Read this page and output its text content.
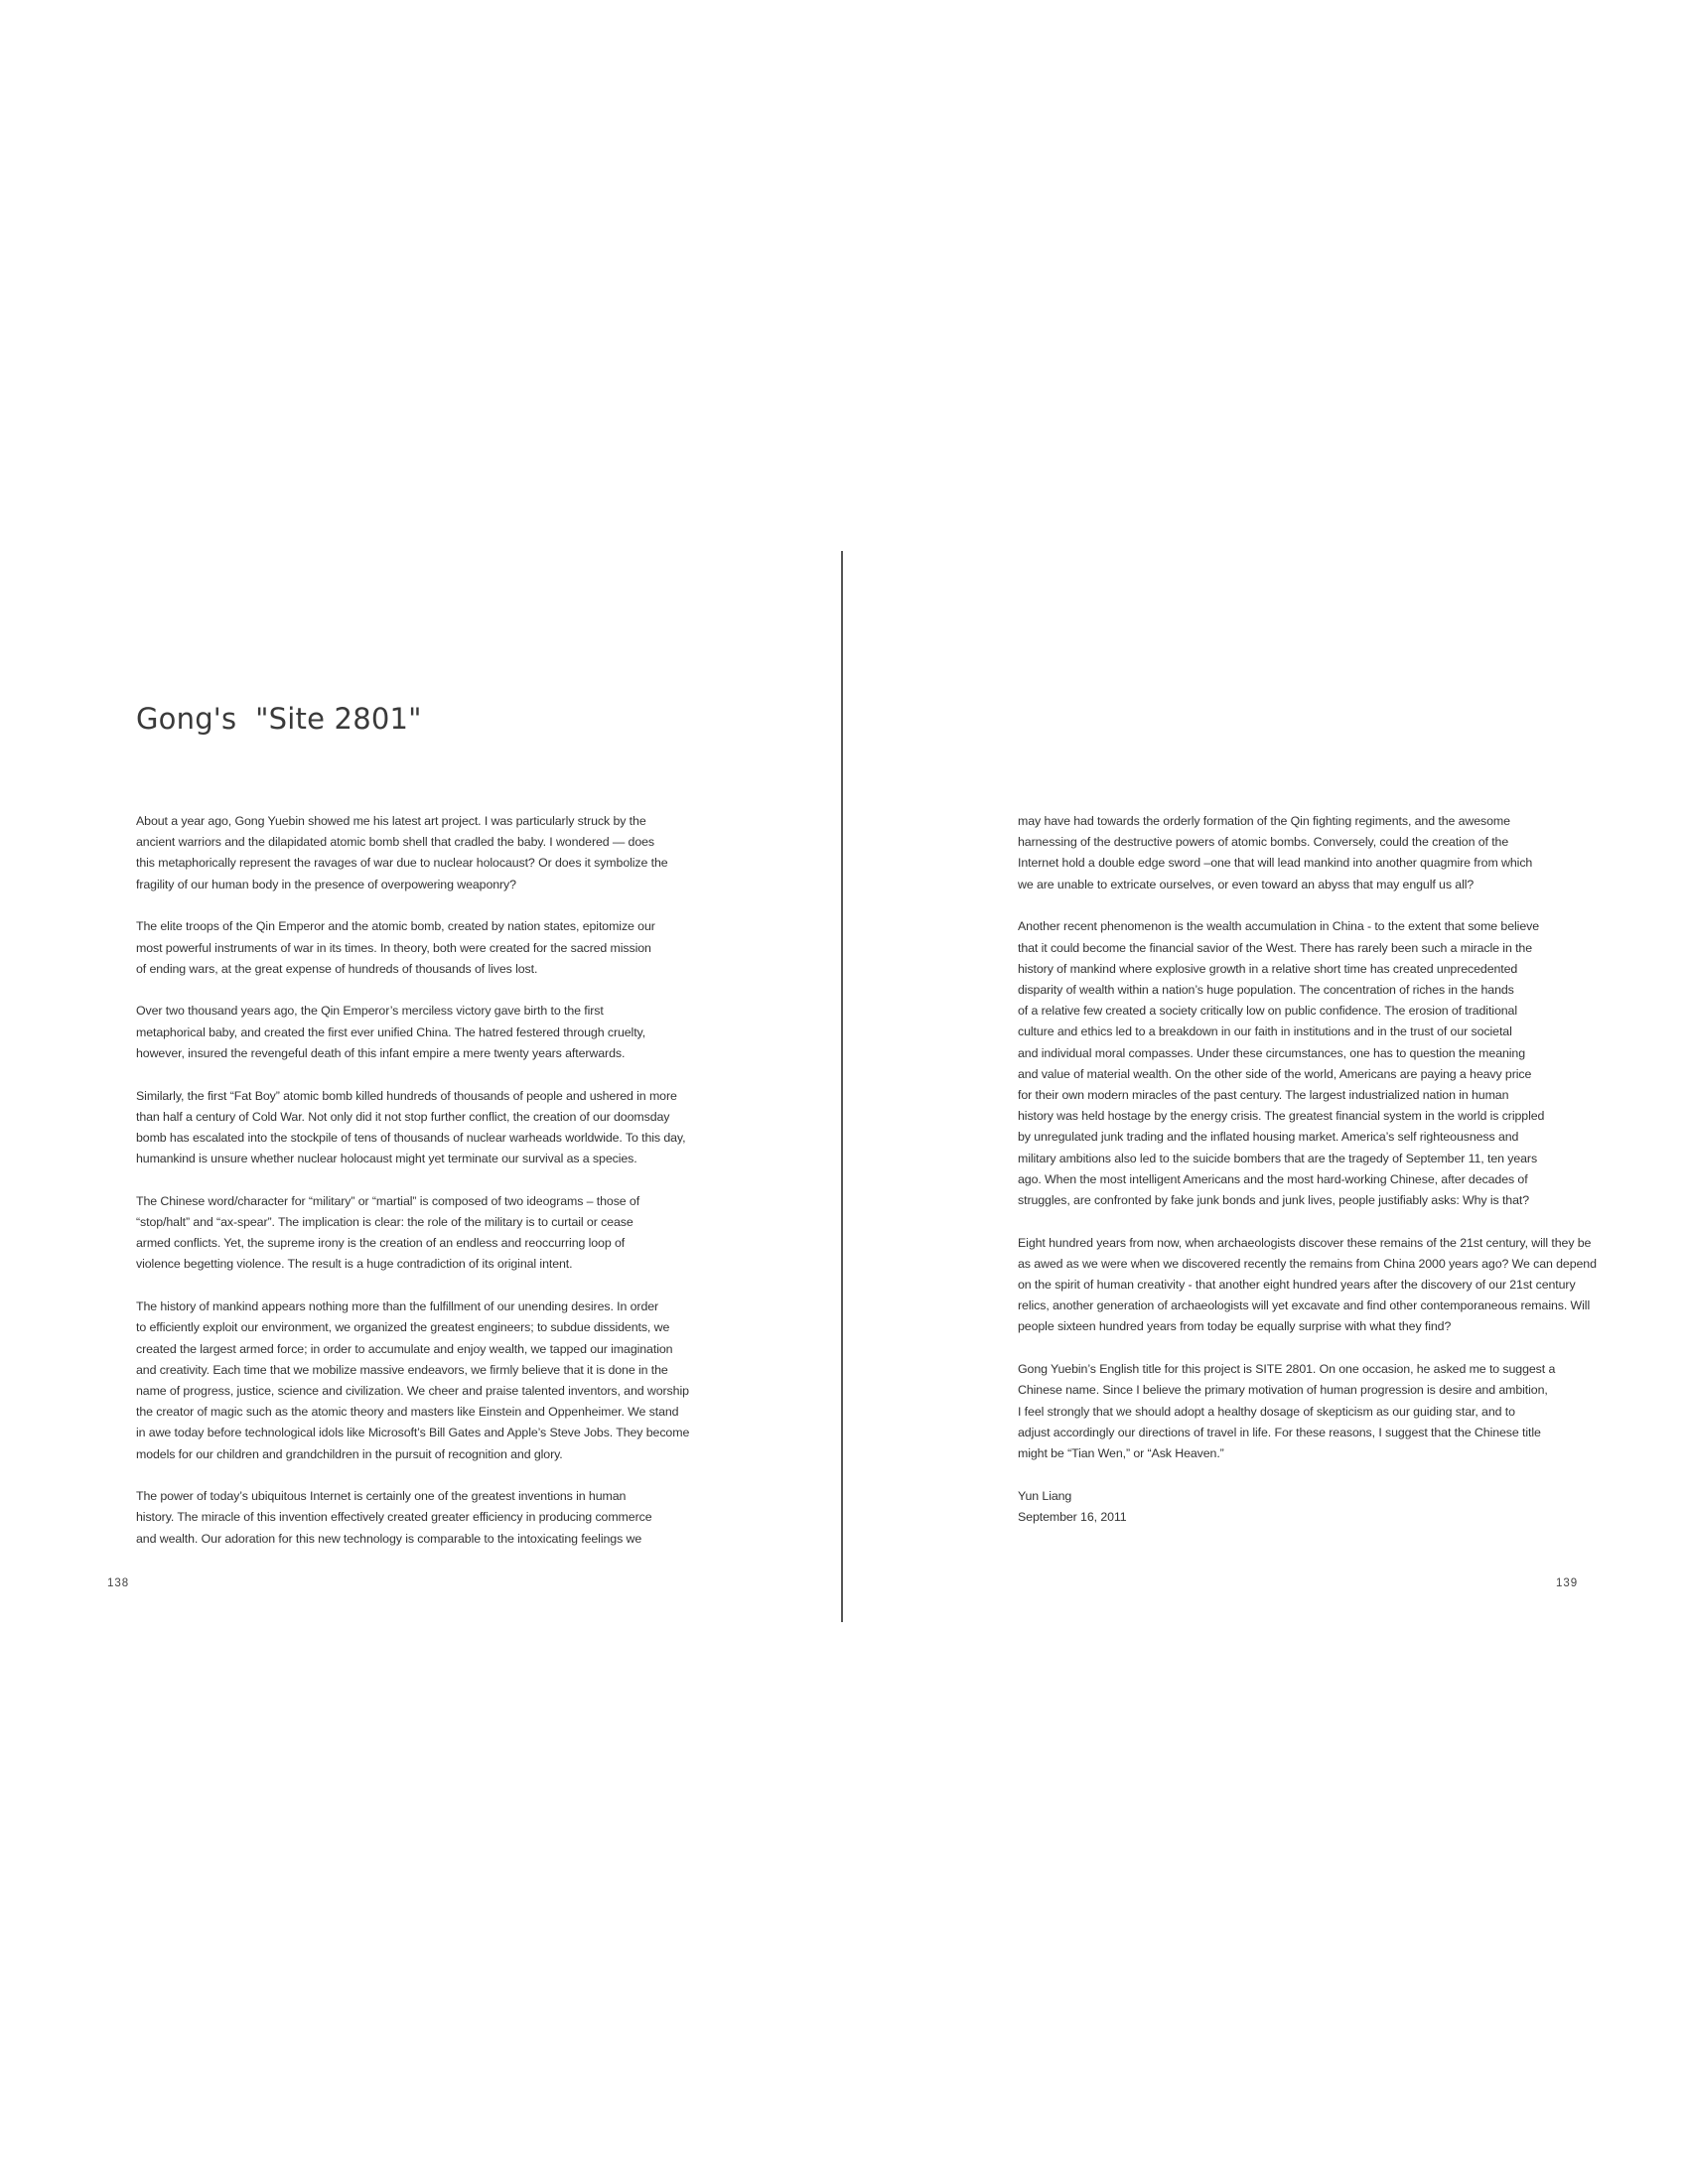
Gong's  "Site 2801"
About a year ago, Gong Yuebin showed me his latest art project. I was particularly struck by the
ancient warriors and the dilapidated atomic bomb shell that cradled the baby. I wondered — does
this metaphorically represent the ravages of war due to nuclear holocaust? Or does it symbolize the
fragility of our human body in the presence of overpowering weaponry?
The elite troops of the Qin Emperor and the atomic bomb, created by nation states, epitomize our
most powerful instruments of war in its times. In theory, both were created for the sacred mission
of ending wars, at the great expense of hundreds of thousands of lives lost.
Over two thousand years ago, the Qin Emperor’s merciless victory gave birth to the first
metaphorical baby, and created the first ever unified China. The hatred festered through cruelty,
however, insured the revengeful death of this infant empire a mere twenty years afterwards.
Similarly, the first “Fat Boy” atomic bomb killed hundreds of thousands of people and ushered in more
than half a century of Cold War. Not only did it not stop further conflict, the creation of our doomsday
bomb has escalated into the stockpile of tens of thousands of nuclear warheads worldwide. To this day,
humankind is unsure whether nuclear holocaust might yet terminate our survival as a species.
The Chinese word/character for “military” or “martial” is composed of two ideograms – those of
“stop/halt” and “ax-spear”. The implication is clear: the role of the military is to curtail or cease
armed conflicts. Yet, the supreme irony is the creation of an endless and reoccurring loop of
violence begetting violence. The result is a huge contradiction of its original intent.
The history of mankind appears nothing more than the fulfillment of our unending desires. In order
to efficiently exploit our environment, we organized the greatest engineers; to subdue dissidents, we
created the largest armed force; in order to accumulate and enjoy wealth, we tapped our imagination
and creativity. Each time that we mobilize massive endeavors, we firmly believe that it is done in the
name of progress, justice, science and civilization. We cheer and praise talented inventors, and worship
the creator of magic such as the atomic theory and masters like Einstein and Oppenheimer. We stand
in awe today before technological idols like Microsoft’s Bill Gates and Apple’s Steve Jobs. They become
models for our children and grandchildren in the pursuit of recognition and glory.
The power of today’s ubiquitous Internet is certainly one of the greatest inventions in human
history. The miracle of this invention effectively created greater efficiency in producing commerce
and wealth. Our adoration for this new technology is comparable to the intoxicating feelings we
may have had towards the orderly formation of the Qin fighting regiments, and the awesome
harnessing of the destructive powers of atomic bombs. Conversely, could the creation of the
Internet hold a double edge sword –one that will lead mankind into another quagmire from which
we are unable to extricate ourselves, or even toward an abyss that may engulf us all?
Another recent phenomenon is the wealth accumulation in China - to the extent that some believe
that it could become the financial savior of the West. There has rarely been such a miracle in the
history of mankind where explosive growth in a relative short time has created unprecedented
disparity of wealth within a nation’s huge population. The concentration of riches in the hands
of a relative few created a society critically low on public confidence. The erosion of traditional
culture and ethics led to a breakdown in our faith in institutions and in the trust of our societal
and individual moral compasses. Under these circumstances, one has to question the meaning
and value of material wealth. On the other side of the world, Americans are paying a heavy price
for their own modern miracles of the past century. The largest industrialized nation in human
history was held hostage by the energy crisis. The greatest financial system in the world is crippled
by unregulated junk trading and the inflated housing market. America’s self righteousness and
military ambitions also led to the suicide bombers that are the tragedy of September 11, ten years
ago. When the most intelligent Americans and the most hard-working Chinese, after decades of
struggles, are confronted by fake junk bonds and junk lives, people justifiably asks: Why is that?
Eight hundred years from now, when archaeologists discover these remains of the 21st century, will they be
as awed as we were when we discovered recently the remains from China 2000 years ago? We can depend
on the spirit of human creativity - that another eight hundred years after the discovery of our 21st century
relics, another generation of archaeologists will yet excavate and find other contemporaneous remains. Will
people sixteen hundred years from today be equally surprise with what they find?
Gong Yuebin’s English title for this project is SITE 2801. On one occasion, he asked me to suggest a
Chinese name. Since I believe the primary motivation of human progression is desire and ambition,
I feel strongly that we should adopt a healthy dosage of skepticism as our guiding star, and to
adjust accordingly our directions of travel in life. For these reasons, I suggest that the Chinese title
might be “Tian Wen,” or “Ask Heaven.”
Yun Liang
September 16, 2011
138	139
